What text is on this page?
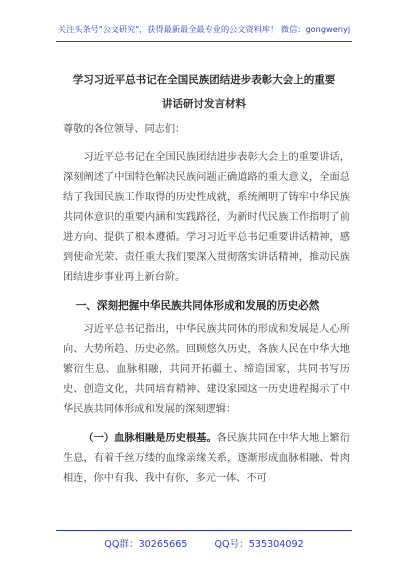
关注头条号"公文研究"，获得最新最全最专业的公文资料库！ 微信：gongwenyj
学习习近平总书记在全国民族团结进步表彰大会上的重要
讲话研讨发言材料

尊敬的各位领导、同志们：

习近平总书记在全国民族团结进步表彰大会上的重要讲话，深刻阐述了中国特色解决民族问题正确道路的重大意义，全面总结了我国民族工作取得的历史性成就，系统阐明了铸牢中华民族共同体意识的重要内涵和实践路径，为新时代民族工作指明了前进方向、提供了根本遵循。学习习近平总书记重要讲话精神，感到使命光荣、责任重大我们要深入贯彻落实讲话精神，推动民族团结进步事业再上新台阶。

一、深刻把握中华民族共同体形成和发展的历史必然

习近平总书记指出，中华民族共同体的形成和发展是人心所向、大势所趋、历史必然。回顾悠久历史，各族人民在中华大地繁衍生息、血脉相融，共同开拓疆土、缔造国家，共同书写历史、创造文化，共同培育精神、建设家园这一历史进程揭示了中华民族共同体形成和发展的深刻逻辑：

（一）血脉相融是历史根基。各民族共同在中华大地上繁衍生息，有着千丝万缕的血缘亲缘关系，逐渐形成血脉相融、骨肉相连，你中有我、我中有你，多元一体、不可

QQ群：30265665	QQ号：535304092
